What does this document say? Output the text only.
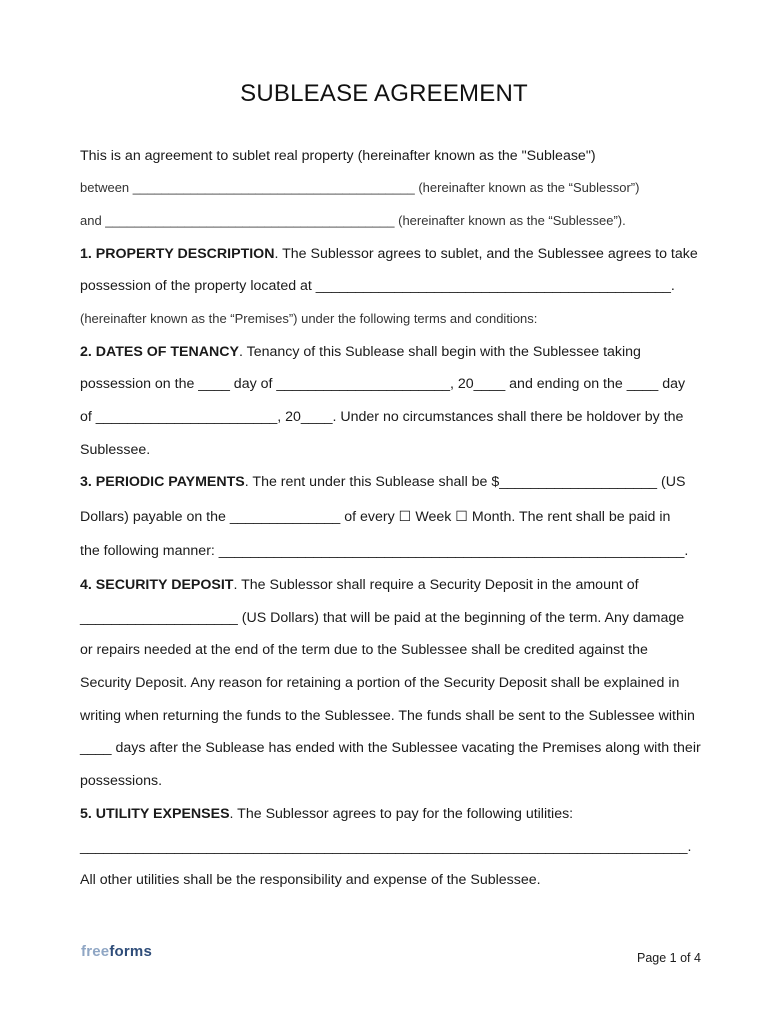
SUBLEASE AGREEMENT
This is an agreement to sublet real property (hereinafter known as the "Sublease")
between _______________________________________ (hereinafter known as the “Sublessor”)
and ________________________________________ (hereinafter known as the “Sublessee”).
1. PROPERTY DESCRIPTION. The Sublessor agrees to sublet, and the Sublessee agrees to take
possession of the property located at _____________________________________________.
(hereinafter known as the “Premises”) under the following terms and conditions:
2. DATES OF TENANCY. Tenancy of this Sublease shall begin with the Sublessee taking
possession on the ____ day of ______________________, 20____ and ending on the ____ day
of _______________________, 20____. Under no circumstances shall there be holdover by the
Sublessee.
3. PERIODIC PAYMENTS. The rent under this Sublease shall be $____________________ (US
Dollars) payable on the ______________ of every ☐ Week ☐ Month. The rent shall be paid in
the following manner: ___________________________________________________________.
4. SECURITY DEPOSIT. The Sublessor shall require a Security Deposit in the amount of
____________________ (US Dollars) that will be paid at the beginning of the term. Any damage
or repairs needed at the end of the term due to the Sublessee shall be credited against the
Security Deposit. Any reason for retaining a portion of the Security Deposit shall be explained in
writing when returning the funds to the Sublessee. The funds shall be sent to the Sublessee within
____ days after the Sublease has ended with the Sublessee vacating the Premises along with their
possessions.
5. UTILITY EXPENSES. The Sublessor agrees to pay for the following utilities:
_____________________________________________________________________________.
All other utilities shall be the responsibility and expense of the Sublessee.
freeforms	Page 1 of 4
